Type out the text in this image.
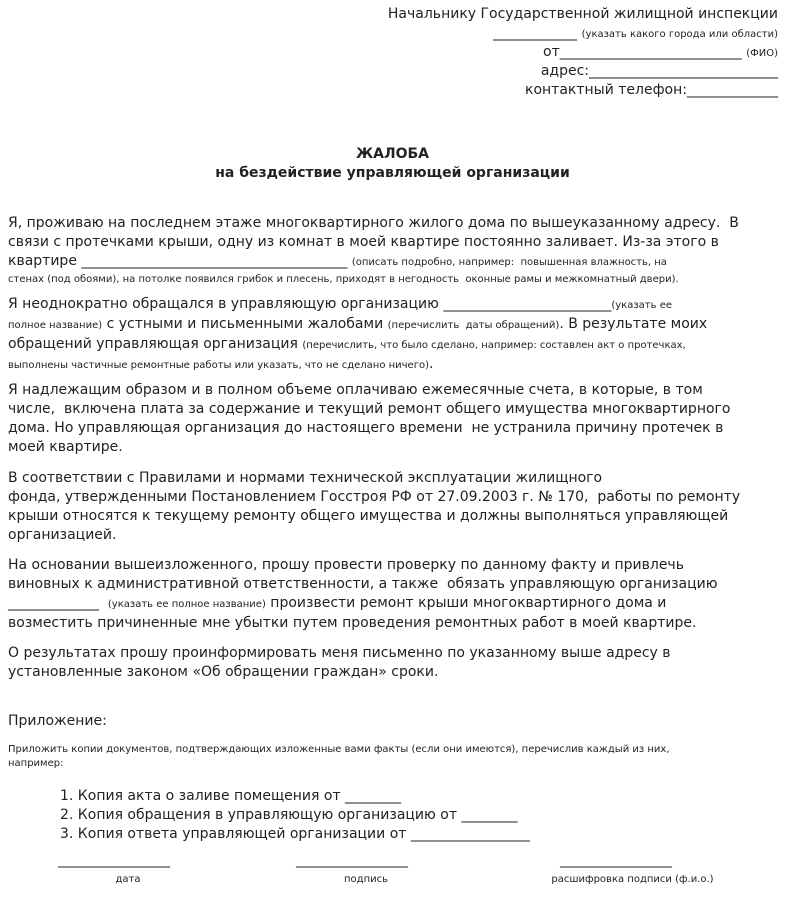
Начальнику Государственной жилищной инспекции
____________ (указать какого города или области)
от__________________________ (ФИО)
адрес:___________________________
контактный телефон:_____________
ЖАЛОБА
на бездействие управляющей организации
Я, проживаю на последнем этаже многоквартирного жилого дома по вышеуказанному адресу.  В
связи с протечками крыши, одну из комнат в моей квартире постоянно заливает. Из-за этого в
квартире ______________________________________ (описать подробно, например:  повышенная влажность, на
стенах (под обоями), на потолке появился грибок и плесень, приходят в негодность  оконные рамы и межкомнатный двери).
Я неоднократно обращался в управляющую организацию ________________________(указать ее
полное название) с устными и письменными жалобами (перечислить  даты обращений). В результате моих
обращений управляющая организация (перечислить, что было сделано, например: составлен акт о протечках,
выполнены частичные ремонтные работы или указать, что не сделано ничего).
Я надлежащим образом и в полном объеме оплачиваю ежемесячные счета, в которые, в том
числе,  включена плата за содержание и текущий ремонт общего имущества многоквартирного
дома. Но управляющая организация до настоящего времени  не устранила причину протечек в
моей квартире.
В соответствии с Правилами и нормами технической эксплуатации жилищного
фонда, утвержденными Постановлением Госстроя РФ от 27.09.2003 г. № 170,  работы по ремонту
крыши относятся к текущему ремонту общего имущества и должны выполняться управляющей
организацией.
На основании вышеизложенного, прошу провести проверку по данному факту и привлечь
виновных к административной ответственности, а также  обязать управляющую организацию
_____________ (указать ее полное название) произвести ремонт крыши многоквартирного дома и
возместить причиненные мне убытки путем проведения ремонтных работ в моей квартире.
О результатах прошу проинформировать меня письменно по указанному выше адресу в
установленные законом «Об обращении граждан» сроки.
Приложение:
Приложить копии документов, подтверждающих изложенные вами факты (если они имеются), перечислив каждый из них,
например:
1. Копия акта о заливе помещения от ________
2. Копия обращения в управляющую организацию от ________
3. Копия ответа управляющей организации от _________________
________________
дата
________________
подпись
________________
расшифровка подписи (ф.и.о.)
